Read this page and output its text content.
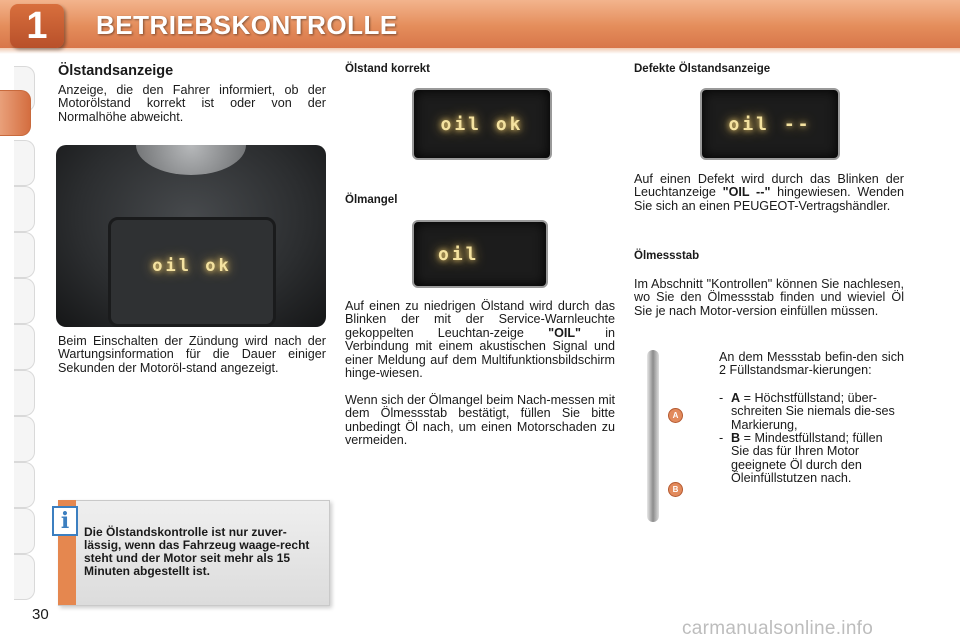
1	BETRIEBSKONTROLLE
Ölstandsanzeige
Anzeige, die den Fahrer informiert, ob der Motorölstand korrekt ist oder von der Normalhöhe abweicht.
oil ok
Beim Einschalten der Zündung wird nach der Wartungsinformation für die Dauer einiger Sekunden der Motoröl-stand angezeigt.
i	Die Ölstandskontrolle ist nur zuver-lässig, wenn das Fahrzeug waage-recht steht und der Motor seit mehr als 15 Minuten abgestellt ist.
Ölstand korrekt
oil ok
Ölmangel
oil
Auf einen zu niedrigen Ölstand wird durch das Blinken der mit der Service-Warnleuchte gekoppelten Leuchtan-zeige "OIL" in Verbindung mit einem akustischen Signal und einer Meldung auf dem Multifunktionsbildschirm hinge-wiesen.
Wenn sich der Ölmangel beim Nach-messen mit dem Ölmessstab bestätigt, füllen Sie bitte unbedingt Öl nach, um einen Motorschaden zu vermeiden.
Defekte Ölstandsanzeige
oil --
Auf einen Defekt wird durch das Blinken der Leuchtanzeige "OIL --" hingewiesen. Wenden Sie sich an einen PEUGEOT-Vertragshändler.
Ölmessstab
Im Abschnitt "Kontrollen" können Sie nachlesen, wo Sie den Ölmessstab finden und wieviel Öl Sie je nach Motor-version einfüllen müssen.
A
B
An dem Messstab befin-den sich 2 Füllstandsmar-kierungen:
- A = Höchstfüllstand; über-schreiten Sie niemals die-ses Markierung,
- B = Mindestfüllstand; füllen Sie das für Ihren Motor geeignete Öl durch den Öleinfüllstutzen nach.
30
carmanualsonline.info
